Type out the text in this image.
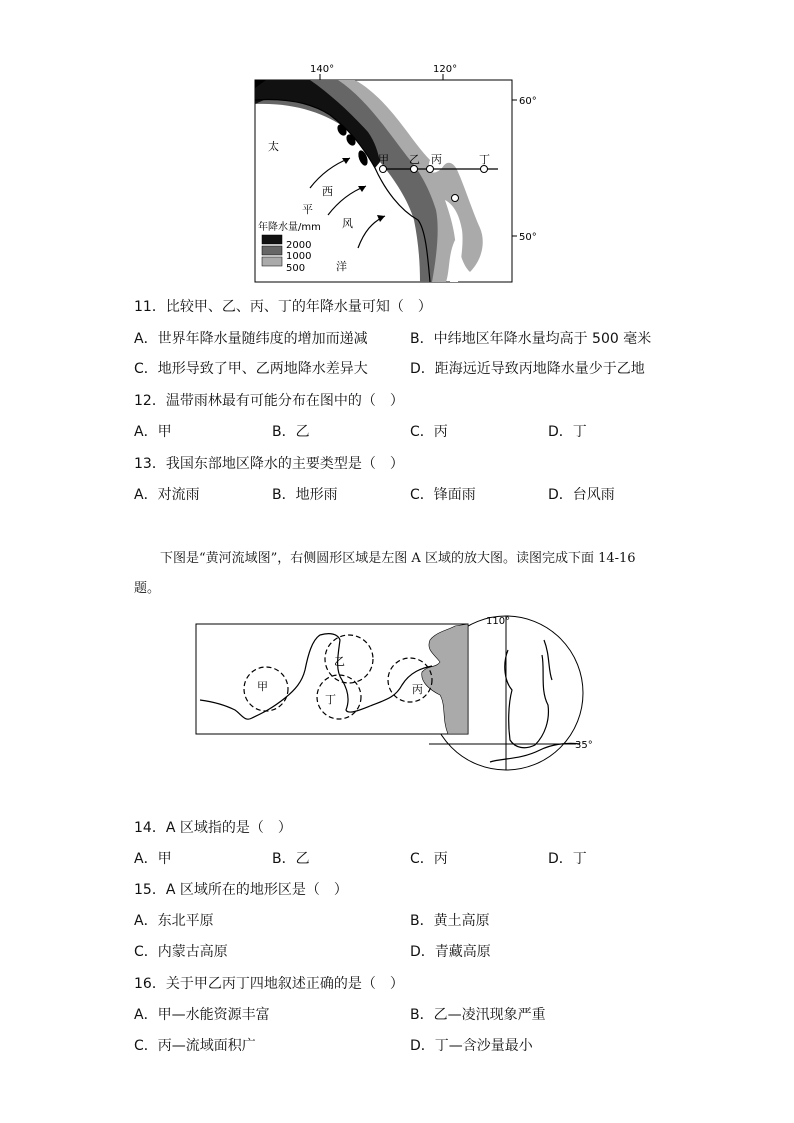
140°	120°
60°
50°
甲 乙 丙	丁
太
平
洋
西
风
年降水量/mm
2000
1000
500
11．比较甲、乙、丙、丁的年降水量可知（　）
A．世界年降水量随纬度的增加而递减	B．中纬地区年降水量均高于 500 毫米
C．地形导致了甲、乙两地降水差异大	D．距海远近导致丙地降水量少于乙地
12．温带雨林最有可能分布在图中的（　）
A．甲	B．乙	C．丙	D．丁
13．我国东部地区降水的主要类型是（　）
A．对流雨	B．地形雨	C．锋面雨	D．台风雨
下图是“黄河流域图”，右侧圆形区域是左图 A 区域的放大图。读图完成下面 14-16
题。
110°
35°
甲
乙
丁
丙
14．A 区域指的是（　）
A．甲	B．乙	C．丙	D．丁
15．A 区域所在的地形区是（　）
A．东北平原	B．黄土高原
C．内蒙古高原	D．青藏高原
16．关于甲乙丙丁四地叙述正确的是（　）
A．甲—水能资源丰富	B．乙—凌汛现象严重
C．丙—流域面积广	D．丁—含沙量最小
